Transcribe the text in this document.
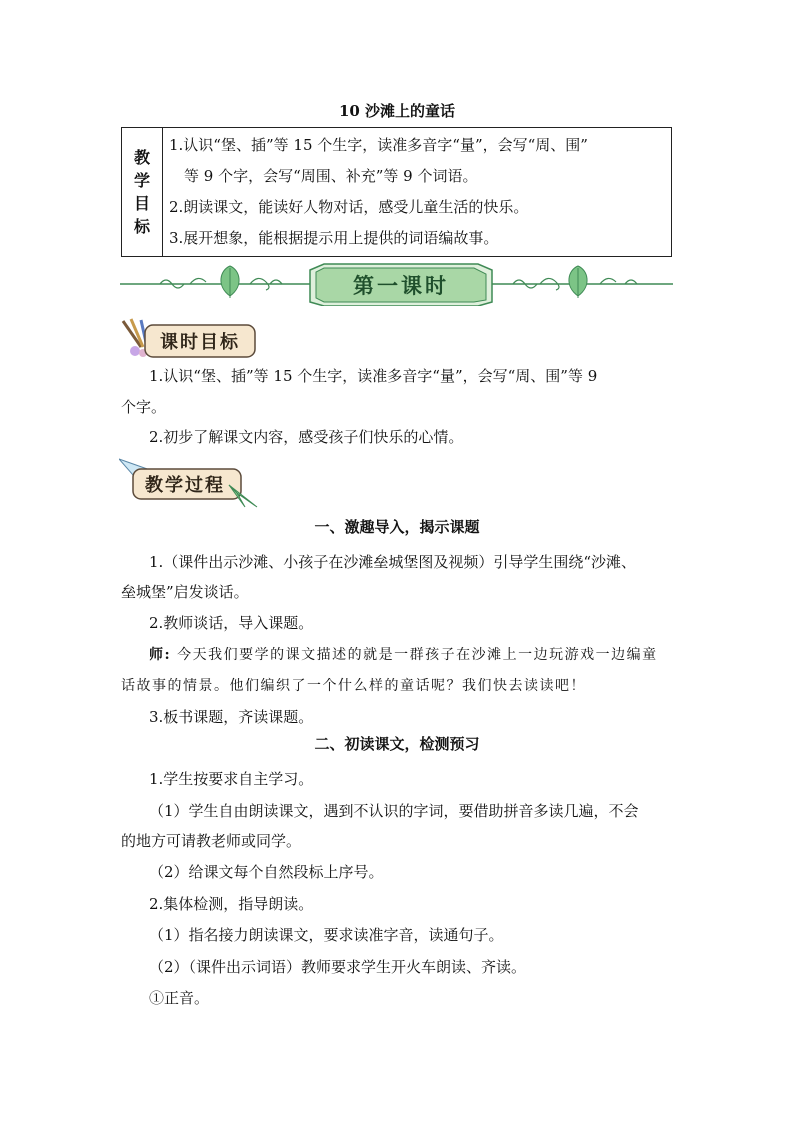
10 沙滩上的童话
教
学
目
标

1.认识“堡、插”等 15 个生字，读准多音字“量”，会写“周、围”
等 9 个字，会写“周围、补充”等 9 个词语。
2.朗读课文，能读好人物对话，感受儿童生活的快乐。
3.展开想象，能根据提示用上提供的词语编故事。
第一课时
课时目标
1.认识“堡、插”等 15 个生字，读准多音字“量”，会写“周、围”等 9
个字。
2.初步了解课文内容，感受孩子们快乐的心情。
教学过程
一、激趣导入，揭示课题
1.（课件出示沙滩、小孩子在沙滩垒城堡图及视频）引导学生围绕“沙滩、
垒城堡”启发谈话。
2.教师谈话，导入课题。
师: 今天我们要学的课文描述的就是一群孩子在沙滩上一边玩游戏一边编童
话故事的情景。他们编织了一个什么样的童话呢？我们快去读读吧！
3.板书课题，齐读课题。
二、初读课文，检测预习
1.学生按要求自主学习。
（1）学生自由朗读课文，遇到不认识的字词，要借助拼音多读几遍，不会
的地方可请教老师或同学。
（2）给课文每个自然段标上序号。
2.集体检测，指导朗读。
（1）指名接力朗读课文，要求读准字音，读通句子。
（2）（课件出示词语）教师要求学生开火车朗读、齐读。
①正音。
